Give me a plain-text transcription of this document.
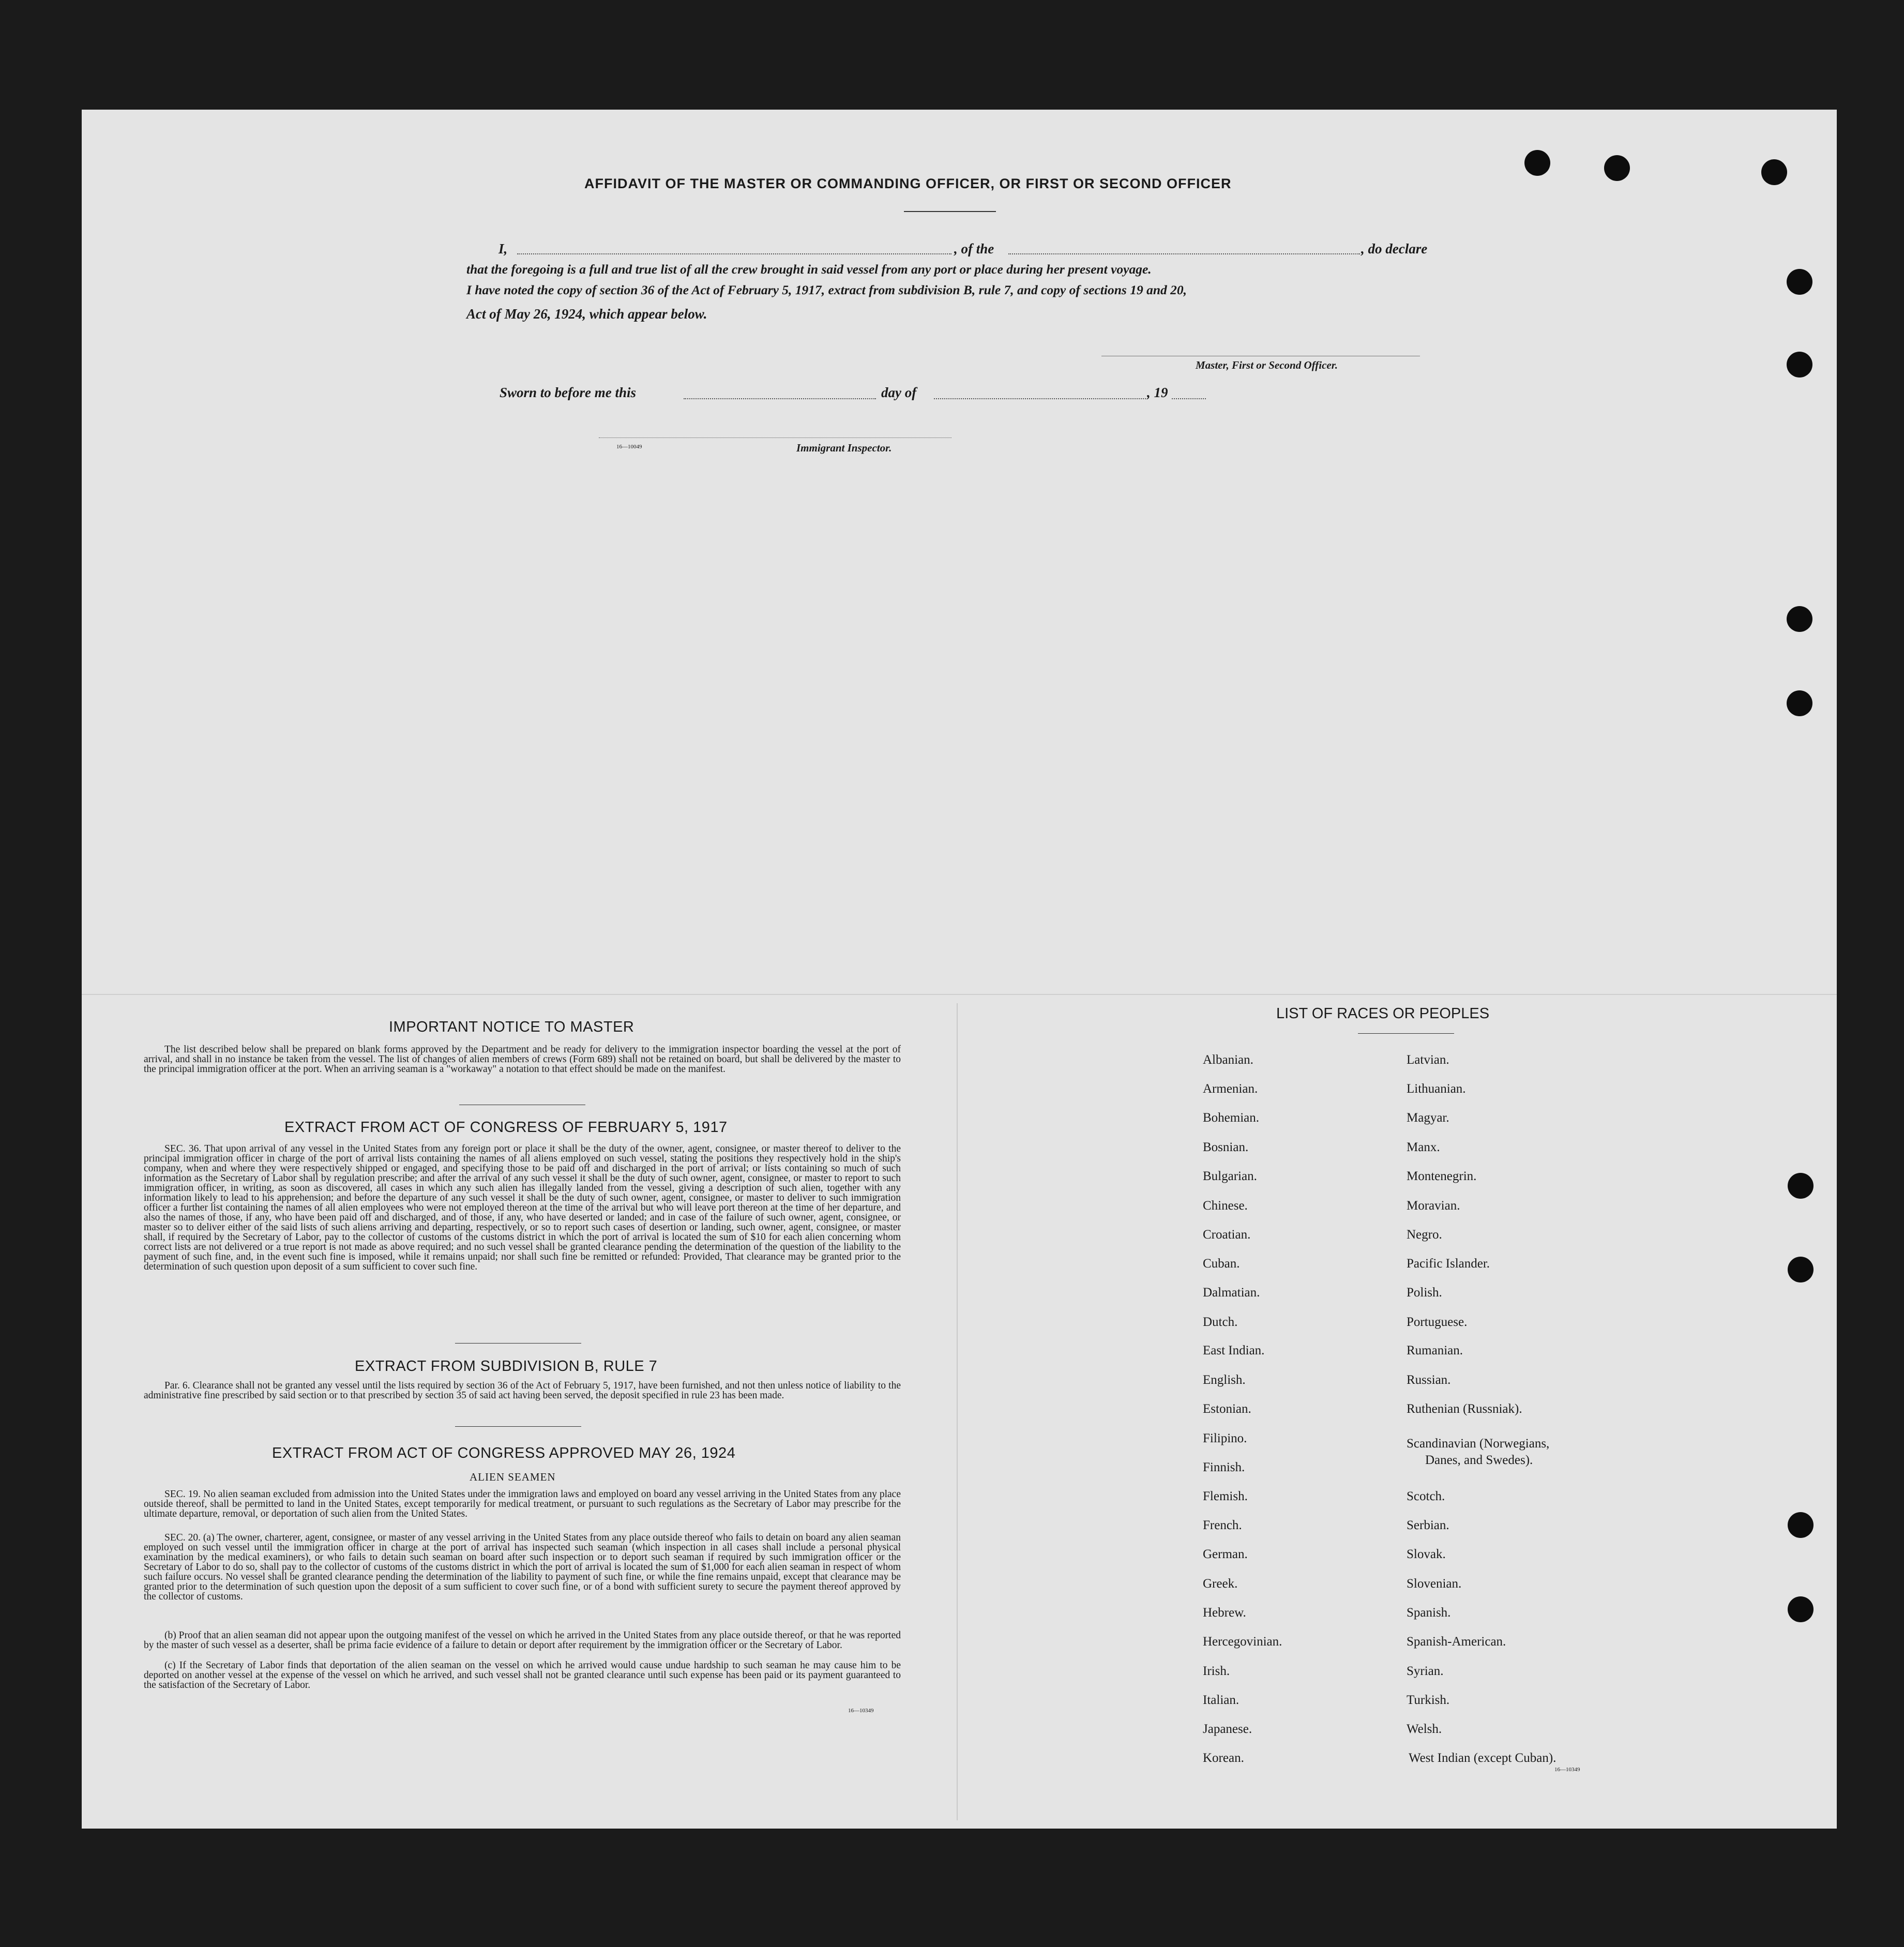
AFFIDAVIT OF THE MASTER OR COMMANDING OFFICER, OR FIRST OR SECOND OFFICER
I,	, of the	, do declare
that the foregoing is a full and true list of all the crew brought in said vessel from any port or place during her present voyage.
I have noted the copy of section 36 of the Act of February 5, 1917, extract from subdivision B, rule 7, and copy of sections 19 and 20,
Act of May 26, 1924, which appear below.
Master, First or Second Officer.
Sworn to before me this	day of	, 19
16—10049	Immigrant Inspector.
IMPORTANT NOTICE TO MASTER

The list described below shall be prepared on blank forms approved by the Department and be ready for delivery to the immigration inspector boarding the vessel at the port of arrival, and shall in no instance be taken from the vessel. The list of changes of alien members of crews (Form 689) shall not be retained on board, but shall be delivered by the master to the principal immigration officer at the port. When an arriving seaman is a "workaway" a notation to that effect should be made on the manifest.

EXTRACT FROM ACT OF CONGRESS OF FEBRUARY 5, 1917

SEC. 36. That upon arrival of any vessel in the United States from any foreign port or place it shall be the duty of the owner, agent, consignee, or master thereof to deliver to the principal immigration officer in charge of the port of arrival lists containing the names of all aliens employed on such vessel, stating the positions they respectively hold in the ship's company, when and where they were respectively shipped or engaged, and specifying those to be paid off and discharged in the port of arrival; or lists containing so much of such information as the Secretary of Labor shall by regulation prescribe; and after the arrival of any such vessel it shall be the duty of such owner, agent, consignee, or master to report to such immigration officer, in writing, as soon as discovered, all cases in which any such alien has illegally landed from the vessel, giving a description of such alien, together with any information likely to lead to his apprehension; and before the departure of any such vessel it shall be the duty of such owner, agent, consignee, or master to deliver to such immigration officer a further list containing the names of all alien employees who were not employed thereon at the time of the arrival but who will leave port thereon at the time of her departure, and also the names of those, if any, who have been paid off and discharged, and of those, if any, who have deserted or landed; and in case of the failure of such owner, agent, consignee, or master so to deliver either of the said lists of such aliens arriving and departing, respectively, or so to report such cases of desertion or landing, such owner, agent, consignee, or master shall, if required by the Secretary of Labor, pay to the collector of customs of the customs district in which the port of arrival is located the sum of $10 for each alien concerning whom correct lists are not delivered or a true report is not made as above required; and no such vessel shall be granted clearance pending the determination of the question of the liability to the payment of such fine, and, in the event such fine is imposed, while it remains unpaid; nor shall such fine be remitted or refunded: Provided, That clearance may be granted prior to the determination of such question upon deposit of a sum sufficient to cover such fine.

EXTRACT FROM SUBDIVISION B, RULE 7

Par. 6. Clearance shall not be granted any vessel until the lists required by section 36 of the Act of February 5, 1917, have been furnished, and not then unless notice of liability to the administrative fine prescribed by said section or to that prescribed by section 35 of said act having been served, the deposit specified in rule 23 has been made.

EXTRACT FROM ACT OF CONGRESS APPROVED MAY 26, 1924
ALIEN SEAMEN

SEC. 19. No alien seaman excluded from admission into the United States under the immigration laws and employed on board any vessel arriving in the United States from any place outside thereof, shall be permitted to land in the United States, except temporarily for medical treatment, or pursuant to such regulations as the Secretary of Labor may prescribe for the ultimate departure, removal, or deportation of such alien from the United States.

SEC. 20. (a) The owner, charterer, agent, consignee, or master of any vessel arriving in the United States from any place outside thereof who fails to detain on board any alien seaman employed on such vessel until the immigration officer in charge at the port of arrival has inspected such seaman (which inspection in all cases shall include a personal physical examination by the medical examiners), or who fails to detain such seaman on board after such inspection or to deport such seaman if required by such immigration officer or the Secretary of Labor to do so, shall pay to the collector of customs of the customs district in which the port of arrival is located the sum of $1,000 for each alien seaman in respect of whom such failure occurs. No vessel shall be granted clearance pending the determination of the liability to payment of such fine, or while the fine remains unpaid, except that clearance may be granted prior to the determination of such question upon the deposit of a sum sufficient to cover such fine, or of a bond with sufficient surety to secure the payment thereof approved by the collector of customs.

(b) Proof that an alien seaman did not appear upon the outgoing manifest of the vessel on which he arrived in the United States from any place outside thereof, or that he was reported by the master of such vessel as a deserter, shall be prima facie evidence of a failure to detain or deport after requirement by the immigration officer or the Secretary of Labor.

(c) If the Secretary of Labor finds that deportation of the alien seaman on the vessel on which he arrived would cause undue hardship to such seaman he may cause him to be deported on another vessel at the expense of the vessel on which he arrived, and such vessel shall not be granted clearance until such expense has been paid or its payment guaranteed to the satisfaction of the Secretary of Labor.

16—10349
LIST OF RACES OR PEOPLES
Albanian.
Armenian.
Bohemian.
Bosnian.
Bulgarian.
Chinese.
Croatian.
Cuban.
Dalmatian.
Dutch.
East Indian.
English.
Estonian.
Filipino.
Finnish.
Flemish.
French.
German.
Greek.
Hebrew.
Hercegovinian.
Irish.
Italian.
Japanese.
Korean.
Latvian.
Lithuanian.
Magyar.
Manx.
Montenegrin.
Moravian.
Negro.
Pacific Islander.
Polish.
Portuguese.
Rumanian.
Russian.
Ruthenian (Russniak).
Scandinavian (Norwegians,
Danes, and Swedes).
Scotch.
Serbian.
Slovak.
Slovenian.
Spanish.
Spanish-American.
Syrian.
Turkish.
Welsh.
West Indian (except Cuban).
16—10349
